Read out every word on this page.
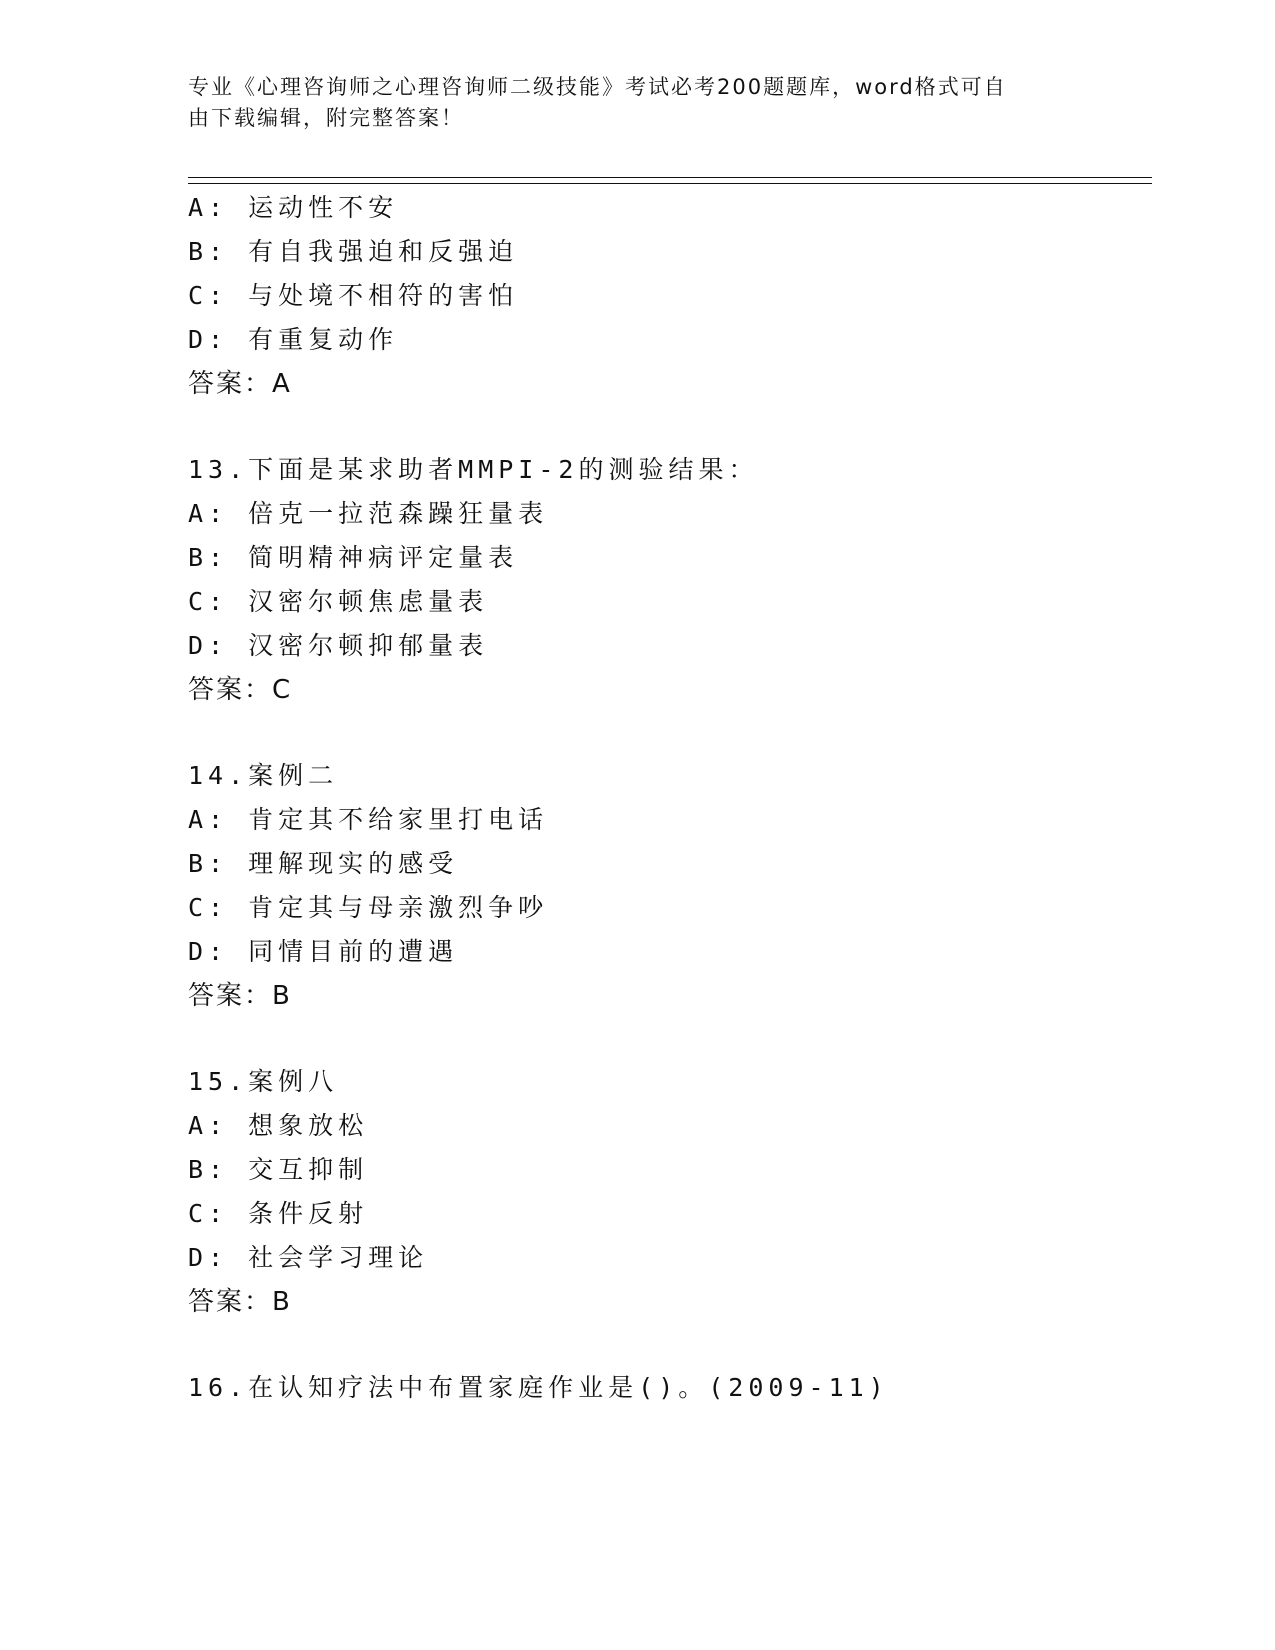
专业《心理咨询师之心理咨询师二级技能》考试必考200题题库，word格式可自
由下载编辑，附完整答案！
A: 运动性不安
B: 有自我强迫和反强迫
C: 与处境不相符的害怕
D: 有重复动作
答案：A
13.下面是某求助者MMPI-2的测验结果：
A: 倍克一拉范森躁狂量表
B: 简明精神病评定量表
C: 汉密尔顿焦虑量表
D: 汉密尔顿抑郁量表
答案：C
14.案例二
A: 肯定其不给家里打电话
B: 理解现实的感受
C: 肯定其与母亲激烈争吵
D: 同情目前的遭遇
答案：B
15.案例八
A: 想象放松
B: 交互抑制
C: 条件反射
D: 社会学习理论
答案：B
16.在认知疗法中布置家庭作业是()。(2009-11)
